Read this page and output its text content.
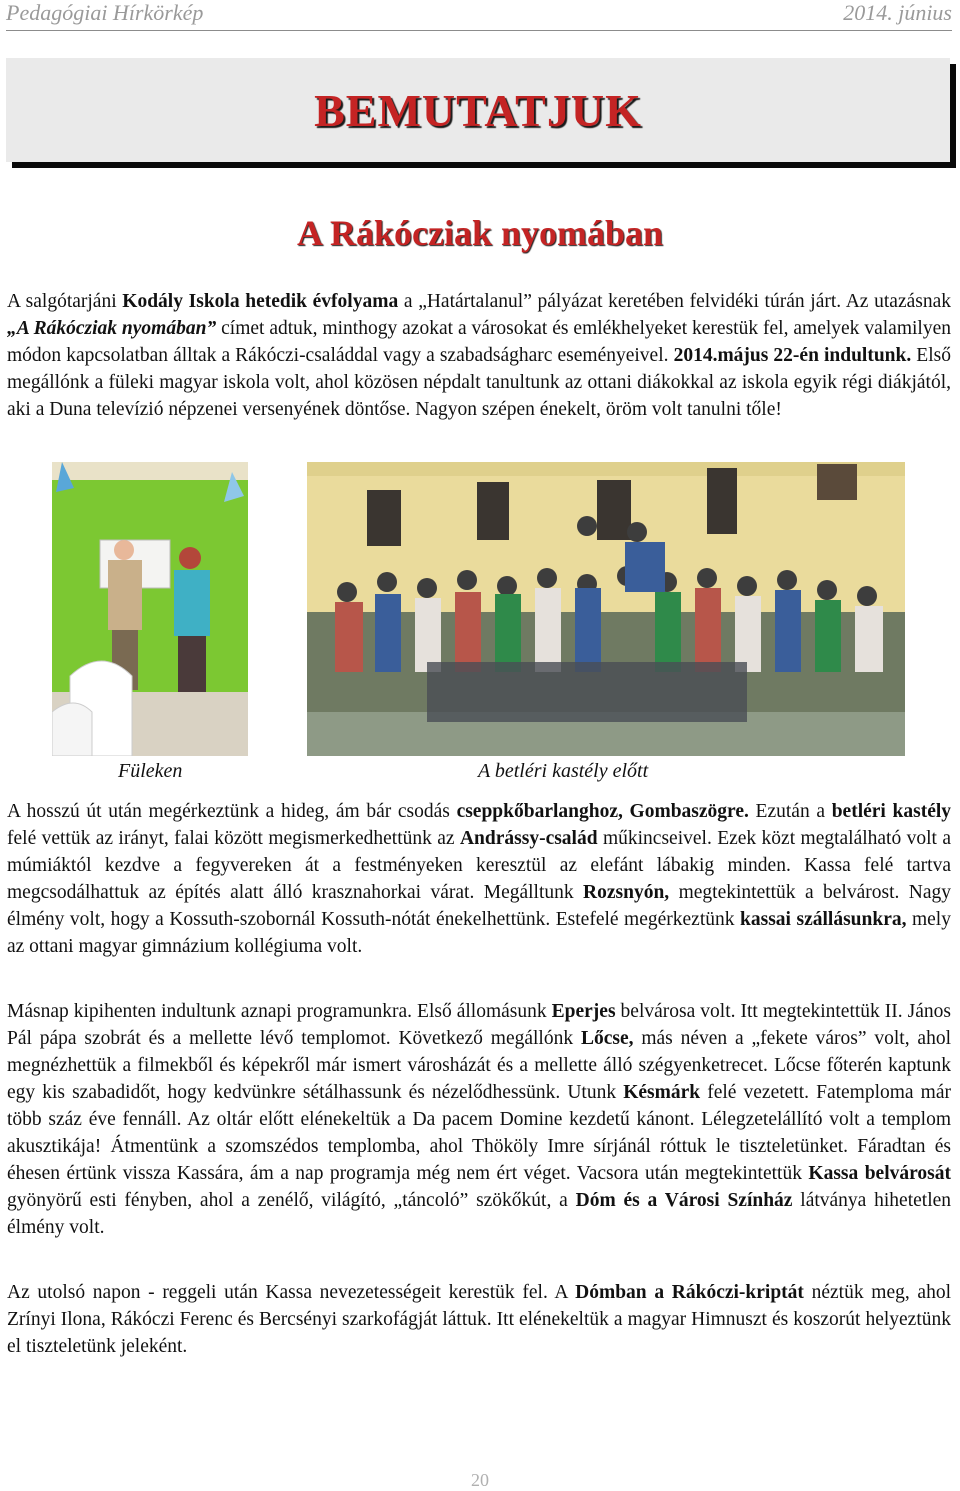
Pedagógiai Hírkörkép	2014. június
BEMUTATJUK
A Rákócziak nyomában

A salgótarjáni Kodály Iskola hetedik évfolyama a „Határtalanul” pályázat keretében felvidéki túrán járt. Az utazásnak „A Rákócziak nyomában” címet adtuk, minthogy azokat a városokat és emlékhelyeket kerestük fel, amelyek valamilyen módon kapcsolatban álltak a Rákóczi-családdal vagy a szabadságharc eseményeivel. 2014.május 22-én indultunk. Első megállónk a füleki magyar iskola volt, ahol közösen népdalt tanultunk az ottani diákokkal az iskola egyik régi diákjától, aki a Duna televízió népzenei versenyének döntőse. Nagyon szépen énekelt, öröm volt tanulni tőle!

Füleken	A betléri kastély előtt

A hosszú út után megérkeztünk a hideg, ám bár csodás cseppkőbarlanghoz, Gombaszögre. Ezután a betléri kastély felé vettük az irányt, falai között megismerkedhettünk az Andrássy-család műkincseivel. Ezek közt megtalálható volt a múmiáktól kezdve a fegyvereken át a festményeken keresztül az elefánt lábakig minden. Kassa felé tartva megcsodálhattuk az építés alatt álló krasznahorkai várat. Megálltunk Rozsnyón, megtekintettük a belvárost. Nagy élmény volt, hogy a Kossuth-szobornál Kossuth-nótát énekelhettünk. Estefelé megérkeztünk kassai szállásunkra, mely az ottani magyar gimnázium kollégiuma volt.

Másnap kipihenten indultunk aznapi programunkra. Első állomásunk Eperjes belvárosa volt. Itt megtekintettük II. János Pál pápa szobrát és a mellette lévő templomot. Következő megállónk Lőcse, más néven a „fekete város” volt, ahol megnézhettük a filmekből és képekről már ismert városházát és a mellette álló szégyenketrecet. Lőcse főterén kaptunk egy kis szabadidőt, hogy kedvünkre sétálhassunk és nézelődhessünk. Utunk Késmárk felé vezetett. Fatemploma már több száz éve fennáll. Az oltár előtt elénekeltük a Da pacem Domine kezdetű kánont. Lélegzetelállító volt a templom akusztikája! Átmentünk a szomszédos templomba, ahol Thököly Imre sírjánál róttuk le tiszteletünket. Fáradtan és éhesen értünk vissza Kassára, ám a nap programja még nem ért véget. Vacsora után megtekintettük Kassa belvárosát gyönyörű esti fényben, ahol a zenélő, világító, „táncoló” szökőkút, a Dóm és a Városi Színház látványa hihetetlen élmény volt.

Az utolsó napon - reggeli után Kassa nevezetességeit kerestük fel. A Dómban a Rákóczi-kriptát néztük meg, ahol Zrínyi Ilona, Rákóczi Ferenc és Bercsényi szarkofágját láttuk. Itt elénekeltük a magyar Himnuszt és koszorút helyeztünk el tiszteletünk jeleként.

20
